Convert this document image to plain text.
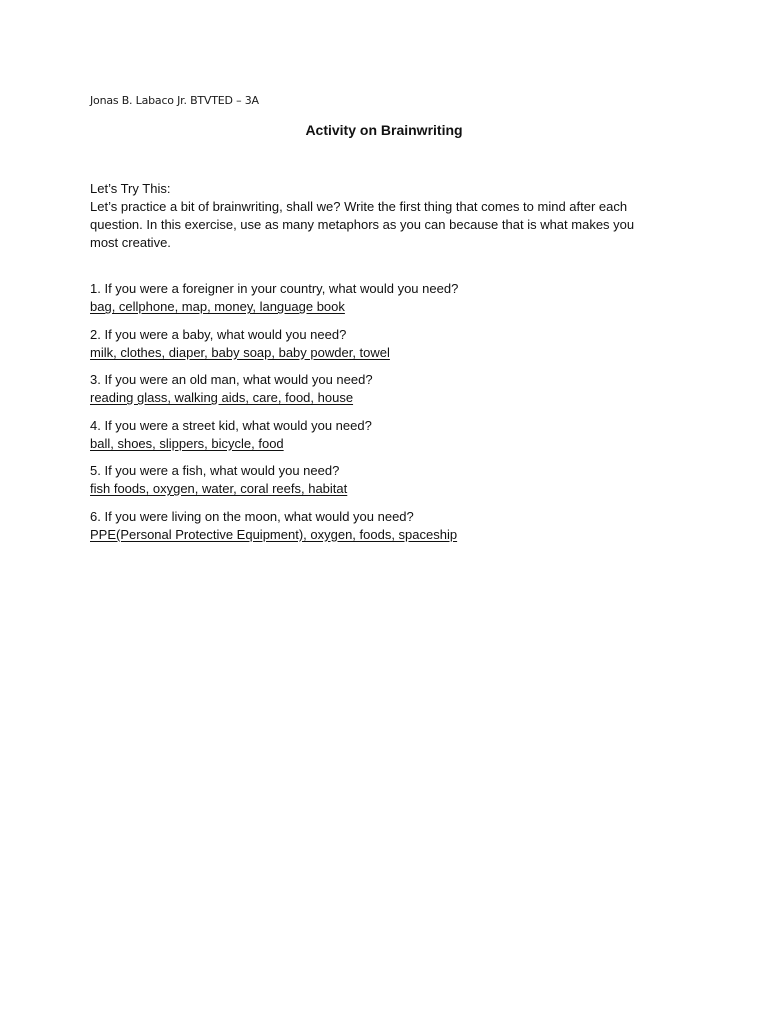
Jonas B. Labaco Jr. BTVTED – 3A
Activity on Brainwriting

Let’s Try This:

Let’s practice a bit of brainwriting, shall we? Write the first thing that comes to mind after each question. In this exercise, use as many metaphors as you can because that is what makes you most creative.

1. If you were a foreigner in your country, what would you need?
bag, cellphone, map, money, language book
2. If you were a baby, what would you need?
milk, clothes, diaper, baby soap, baby powder, towel
3. If you were an old man, what would you need?
reading glass, walking aids, care, food, house
4. If you were a street kid, what would you need?
ball, shoes, slippers, bicycle, food
5. If you were a fish, what would you need?
fish foods, oxygen, water, coral reefs, habitat
6. If you were living on the moon, what would you need?
PPE(Personal Protective Equipment), oxygen, foods, spaceship
